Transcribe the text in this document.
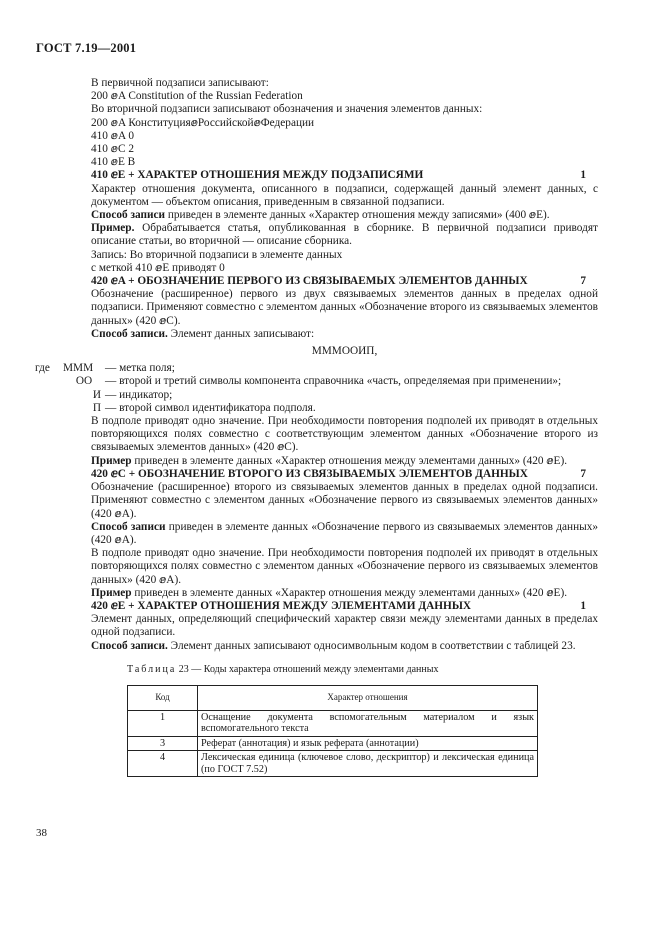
ГОСТ 7.19—2001
В первичной подзаписи записывают:
200 ⅇA Constitution of the Russian Federation
Во вторичной подзаписи записывают обозначения и значения элементов данных:
200 ⅇA КонституцияⅇРоссийскойⅇФедерации
410 ⅇA 0
410 ⅇC 2
410 ⅇE B
410 ⅇE + ХАРАКТЕР ОТНОШЕНИЯ МЕЖДУ ПОДЗАПИСЯМИ	1
Характер отношения документа, описанного в подзаписи, содержащей данный элемент данных, с документом — объектом описания, приведенным в связанной подзаписи.
Способ записи приведен в элементе данных «Характер отношения между записями» (400 ⅇE).
Пример. Обрабатывается статья, опубликованная в сборнике. В первичной подзаписи приводят описание статьи, во вторичной — описание сборника.
Запись: Во вторичной подзаписи в элементе данных
с меткой 410 ⅇE приводят 0
420 ⅇA + ОБОЗНАЧЕНИЕ ПЕРВОГО ИЗ СВЯЗЫВАЕМЫХ ЭЛЕМЕНТОВ ДАННЫХ	7
Обозначение (расширенное) первого из двух связываемых элементов данных в пределах одной подзаписи. Применяют совместно с элементом данных «Обозначение второго из связываемых элементов данных» (420 ⅇC).
Способ записи. Элемент данных записывают:
МММООИП,
где	МММ	— метка поля;
ОО	— второй и третий символы компонента справочника «часть, определяемая при применении»;
И — индикатор;
П — второй символ идентификатора подполя.
В подполе приводят одно значение. При необходимости повторения подполей их приводят в отдельных повторяющихся полях совместно с соответствующим элементом данных «Обозначение второго из связываемых элементов данных» (420 ⅇC).
Пример приведен в элементе данных «Характер отношения между элементами данных» (420 ⅇE).
420 ⅇC + ОБОЗНАЧЕНИЕ ВТОРОГО ИЗ СВЯЗЫВАЕМЫХ ЭЛЕМЕНТОВ ДАННЫХ	7
Обозначение (расширенное) второго из связываемых элементов данных в пределах одной подзаписи. Применяют совместно с элементом данных «Обозначение первого из связываемых элементов данных» (420 ⅇA).
Способ записи приведен в элементе данных «Обозначение первого из связываемых элементов данных» (420 ⅇA).
В подполе приводят одно значение. При необходимости повторения подполей их приводят в отдельных повторяющихся полях совместно с элементом данных «Обозначение первого из связываемых элементов данных» (420 ⅇA).
Пример приведен в элементе данных «Характер отношения между элементами данных» (420 ⅇE).
420 ⅇE + ХАРАКТЕР ОТНОШЕНИЯ МЕЖДУ ЭЛЕМЕНТАМИ ДАННЫХ	1
Элемент данных, определяющий специфический характер связи между элементами данных в пределах одной подзаписи.
Способ записи. Элемент данных записывают односимвольным кодом в соответствии с таблицей 23.
Таблица 23 — Коды характера отношений между элементами данных
Код	Характер отношения
1	Оснащение документа вспомогательным материалом и язык вспомогательного текста
3	Реферат (аннотация) и язык реферата (аннотации)
4	Лексическая единица (ключевое слово, дескриптор) и лексическая единица (по ГОСТ 7.52)
38
